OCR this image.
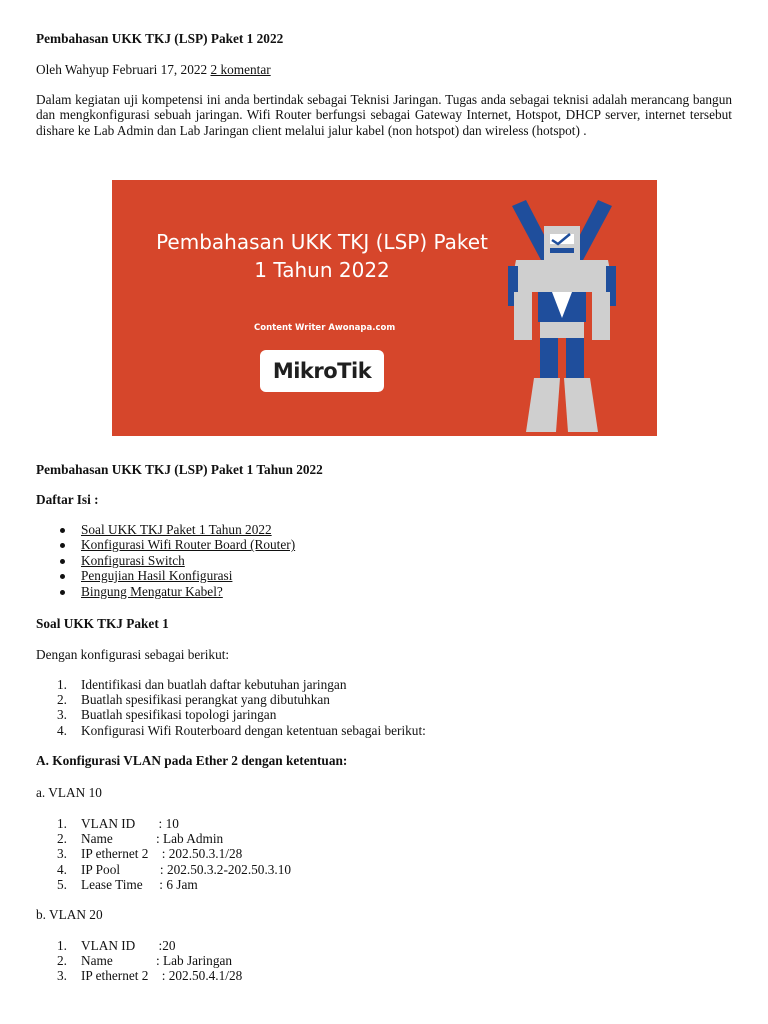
Pembahasan UKK TKJ (LSP) Paket 1 2022
Oleh Wahyup Februari 17, 2022 2 komentar
Dalam kegiatan uji kompetensi ini anda bertindak sebagai Teknisi Jaringan. Tugas anda sebagai teknisi adalah merancang bangun dan mengkonfigurasi sebuah jaringan. Wifi Router berfungsi sebagai Gateway Internet, Hotspot, DHCP server, internet tersebut dishare ke Lab Admin dan Lab Jaringan client melalui jalur kabel (non hotspot) dan wireless (hotspot) .
Pembahasan UKK TKJ (LSP) Paket
1 Tahun 2022
Content Writer Awonapa.com
MikroTik
Pembahasan UKK TKJ (LSP) Paket 1 Tahun 2022
Daftar Isi :
Soal UKK TKJ Paket 1 Tahun 2022
Konfigurasi Wifi Router Board (Router)
Konfigurasi Switch
Pengujian Hasil Konfigurasi
Bingung Mengatur Kabel?
Soal UKK TKJ Paket 1
Dengan konfigurasi sebagai berikut:
1. Identifikasi dan buatlah daftar kebutuhan jaringan
2. Buatlah spesifikasi perangkat yang dibutuhkan
3. Buatlah spesifikasi topologi jaringan
4. Konfigurasi Wifi Routerboard dengan ketentuan sebagai berikut:
A. Konfigurasi VLAN pada Ether 2 dengan ketentuan:
a. VLAN 10
1. VLAN ID       : 10
2. Name             : Lab Admin
3. IP ethernet 2    : 202.50.3.1/28
4. IP Pool            : 202.50.3.2-202.50.3.10
5. Lease Time     : 6 Jam
b. VLAN 20
1. VLAN ID       :20
2. Name             : Lab Jaringan
3. IP ethernet 2    : 202.50.4.1/28
